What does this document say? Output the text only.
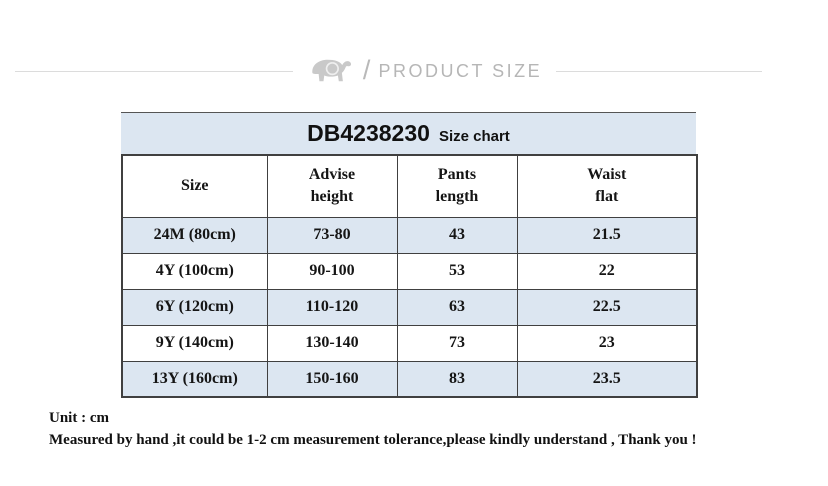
/ PRODUCT SIZE
DB4238230 Size chart
Size	Advise height	Pants length	Waist flat

24M (80cm)	73-80	43	21.5
4Y (100cm)	90-100	53	22
6Y (120cm)	110-120	63	22.5
9Y (140cm)	130-140	73	23
13Y (160cm)	150-160	83	23.5
Unit : cm
Measured by hand ,it could be 1-2 cm measurement tolerance,please kindly understand , Thank you !
